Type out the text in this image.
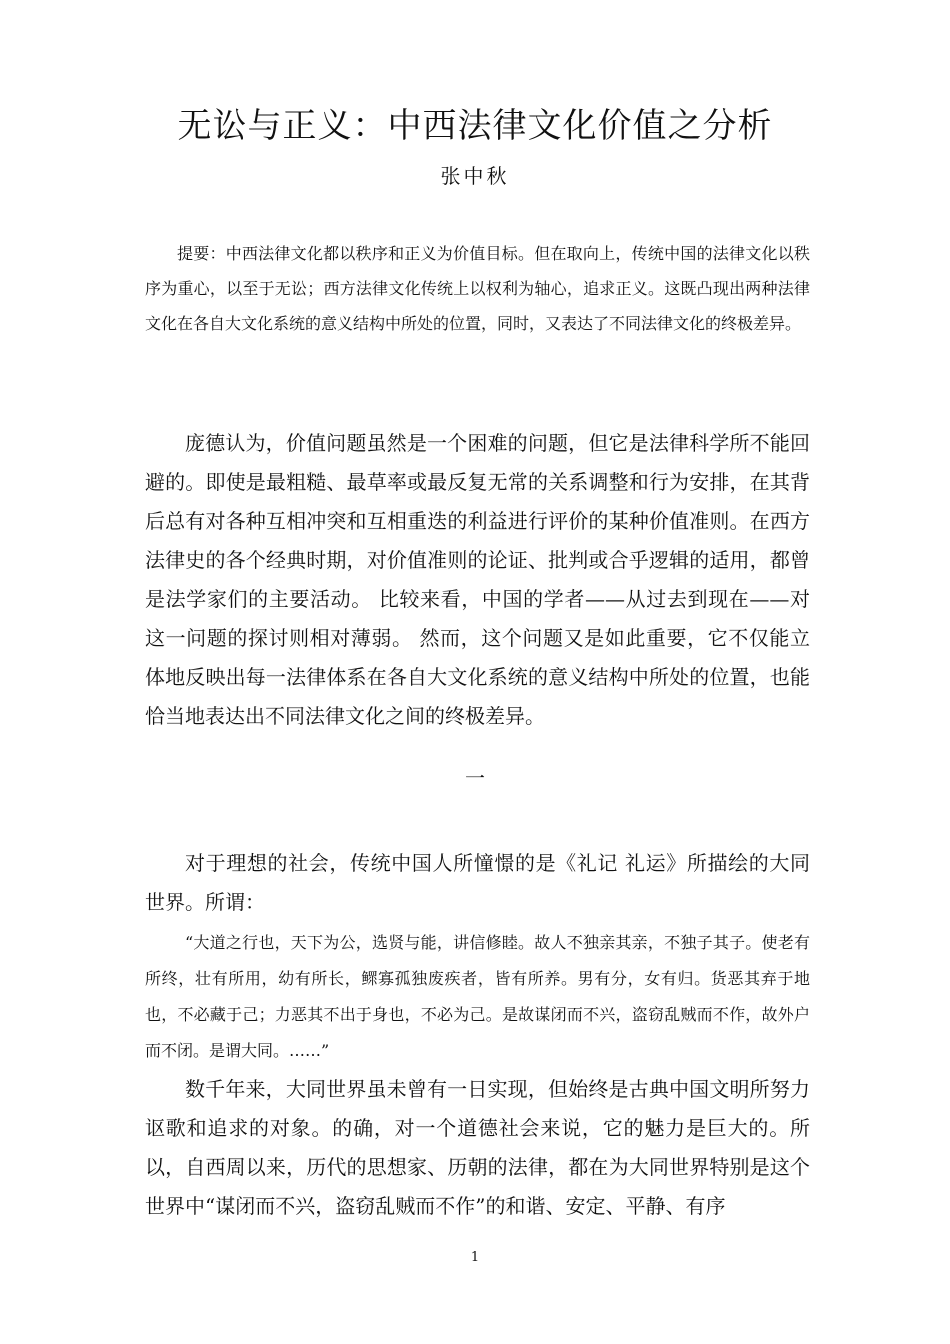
无讼与正义：中西法律文化价值之分析
张中秋

提要：中西法律文化都以秩序和正义为价值目标。但在取向上，传统中国的法律文化以秩序为重心，以至于无讼；西方法律文化传统上以权利为轴心，追求正义。这既凸现出两种法律文化在各自大文化系统的意义结构中所处的位置，同时，又表达了不同法律文化的终极差异。

庞德认为，价值问题虽然是一个困难的问题，但它是法律科学所不能回避的。即使是最粗糙、最草率或最反复无常的关系调整和行为安排，在其背后总有对各种互相冲突和互相重迭的利益进行评价的某种价值准则。在西方法律史的各个经典时期，对价值准则的论证、批判或合乎逻辑的适用，都曾是法学家们的主要活动。 比较来看，中国的学者——从过去到现在——对这一问题的探讨则相对薄弱。 然而，这个问题又是如此重要，它不仅能立体地反映出每一法律体系在各自大文化系统的意义结构中所处的位置，也能恰当地表达出不同法律文化之间的终极差异。

一

对于理想的社会，传统中国人所憧憬的是《礼记 礼运》所描绘的大同世界。所谓：

“大道之行也，天下为公，选贤与能，讲信修睦。故人不独亲其亲，不独子其子。使老有所终，壮有所用，幼有所长，鳏寡孤独废疾者，皆有所养。男有分，女有归。货恶其弃于地也，不必藏于己；力恶其不出于身也，不必为己。是故谋闭而不兴，盗窃乱贼而不作，故外户而不闭。是谓大同。……”

数千年来，大同世界虽未曾有一日实现，但始终是古典中国文明所努力讴歌和追求的对象。的确，对一个道德社会来说，它的魅力是巨大的。所以，自西周以来，历代的思想家、历朝的法律，都在为大同世界特别是这个世界中“谋闭而不兴，盗窃乱贼而不作”的和谐、安定、平静、有序

1
